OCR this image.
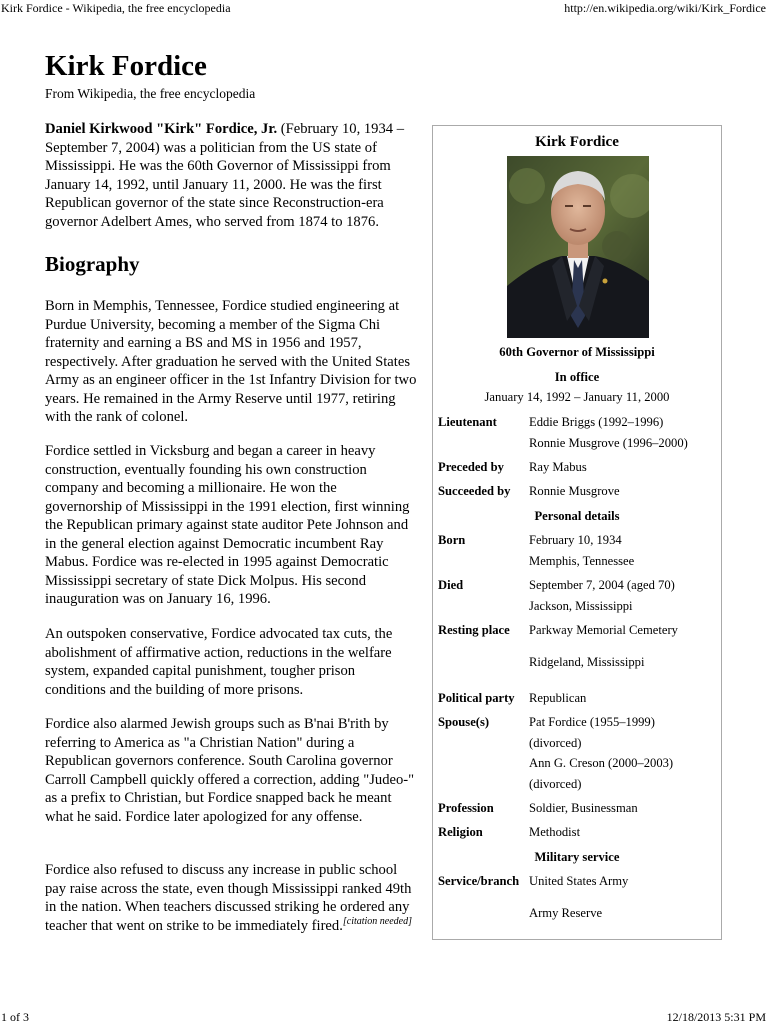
Kirk Fordice - Wikipedia, the free encyclopedia	http://en.wikipedia.org/wiki/Kirk_Fordice
Kirk Fordice
From Wikipedia, the free encyclopedia

Daniel Kirkwood "Kirk" Fordice, Jr. (February 10, 1934 – September 7, 2004) was a politician from the US state of Mississippi. He was the 60th Governor of Mississippi from January 14, 1992, until January 11, 2000. He was the first Republican governor of the state since Reconstruction-era governor Adelbert Ames, who served from 1874 to 1876.

Biography

Born in Memphis, Tennessee, Fordice studied engineering at Purdue University, becoming a member of the Sigma Chi fraternity and earning a BS and MS in 1956 and 1957, respectively. After graduation he served with the United States Army as an engineer officer in the 1st Infantry Division for two years. He remained in the Army Reserve until 1977, retiring with the rank of colonel.

Fordice settled in Vicksburg and began a career in heavy construction, eventually founding his own construction company and becoming a millionaire. He won the governorship of Mississippi in the 1991 election, first winning the Republican primary against state auditor Pete Johnson and in the general election against Democratic incumbent Ray Mabus. Fordice was re-elected in 1995 against Democratic Mississippi secretary of state Dick Molpus. His second inauguration was on January 16, 1996.

An outspoken conservative, Fordice advocated tax cuts, the abolishment of affirmative action, reductions in the welfare system, expanded capital punishment, tougher prison conditions and the building of more prisons.

Fordice also alarmed Jewish groups such as B'nai B'rith by referring to America as "a Christian Nation" during a Republican governors conference. South Carolina governor Carroll Campbell quickly offered a correction, adding "Judeo-" as a prefix to Christian, but Fordice snapped back he meant what he said. Fordice later apologized for any offense.

Fordice also refused to discuss any increase in public school pay raise across the state, even though Mississippi ranked 49th in the nation. When teachers discussed striking he ordered any teacher that went on strike to be immediately fired.[citation needed]

Kirk Fordice
60th Governor of Mississippi
In office
January 14, 1992 – January 11, 2000
Lieutenant	Eddie Briggs (1992–1996)
Ronnie Musgrove (1996–2000)
Preceded by Ray Mabus
Succeeded by Ronnie Musgrove
Personal details
Born	February 10, 1934
Memphis, Tennessee
Died	September 7, 2004 (aged 70)
Jackson, Mississippi
Resting place Parkway Memorial Cemetery
Ridgeland, Mississippi
Political party Republican
Spouse(s)	Pat Fordice (1955–1999)
(divorced)
Ann G. Creson (2000–2003)
(divorced)
Profession	Soldier, Businessman
Religion	Methodist
Military service
Service/branch United States Army
Army Reserve
1 of 3	12/18/2013 5:31 PM
